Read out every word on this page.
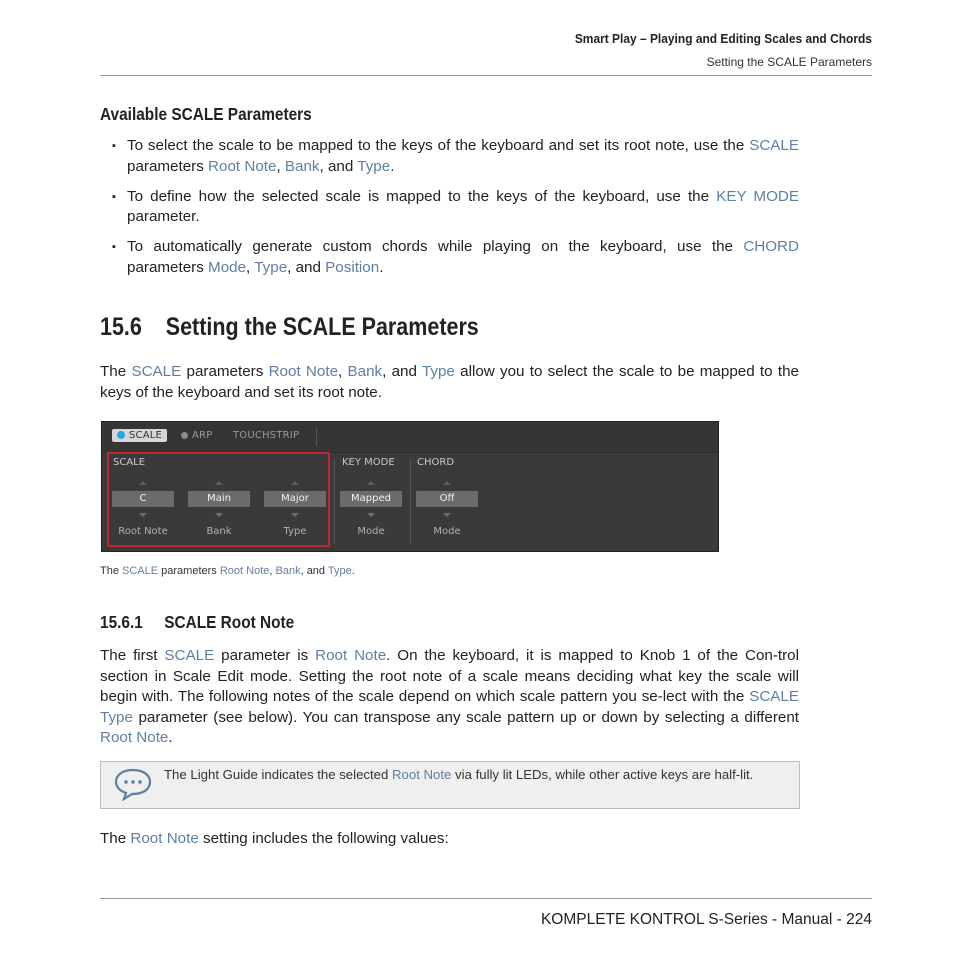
Smart Play – Playing and Editing Scales and Chords
Setting the SCALE Parameters
Available SCALE Parameters
▪ To select the scale to be mapped to the keys of the keyboard and set its root note, use the SCALE parameters Root Note, Bank, and Type.
▪ To define how the selected scale is mapped to the keys of the keyboard, use the KEY MODE parameter.
▪ To automatically generate custom chords while playing on the keyboard, use the CHORD parameters Mode, Type, and Position.
15.6    Setting the SCALE Parameters
The SCALE parameters Root Note, Bank, and Type allow you to select the scale to be mapped to the keys of the keyboard and set its root note.
SCALE	ARP TOUCHSTRIP
SCALE	KEY MODE CHORD
C
Root Note
Main
Bank
Major
Type
Mapped
Mode
Off
Mode
The SCALE parameters Root Note, Bank, and Type.
15.6.1     SCALE Root Note
The first SCALE parameter is Root Note. On the keyboard, it is mapped to Knob 1 of the Con-trol section in Scale Edit mode. Setting the root note of a scale means deciding what key the scale will begin with. The following notes of the scale depend on which scale pattern you se-lect with the SCALE Type parameter (see below). You can transpose any scale pattern up or down by selecting a different Root Note.
The Light Guide indicates the selected Root Note via fully lit LEDs, while other active keys are half-lit.
The Root Note setting includes the following values:
KOMPLETE KONTROL S-Series - Manual - 224
